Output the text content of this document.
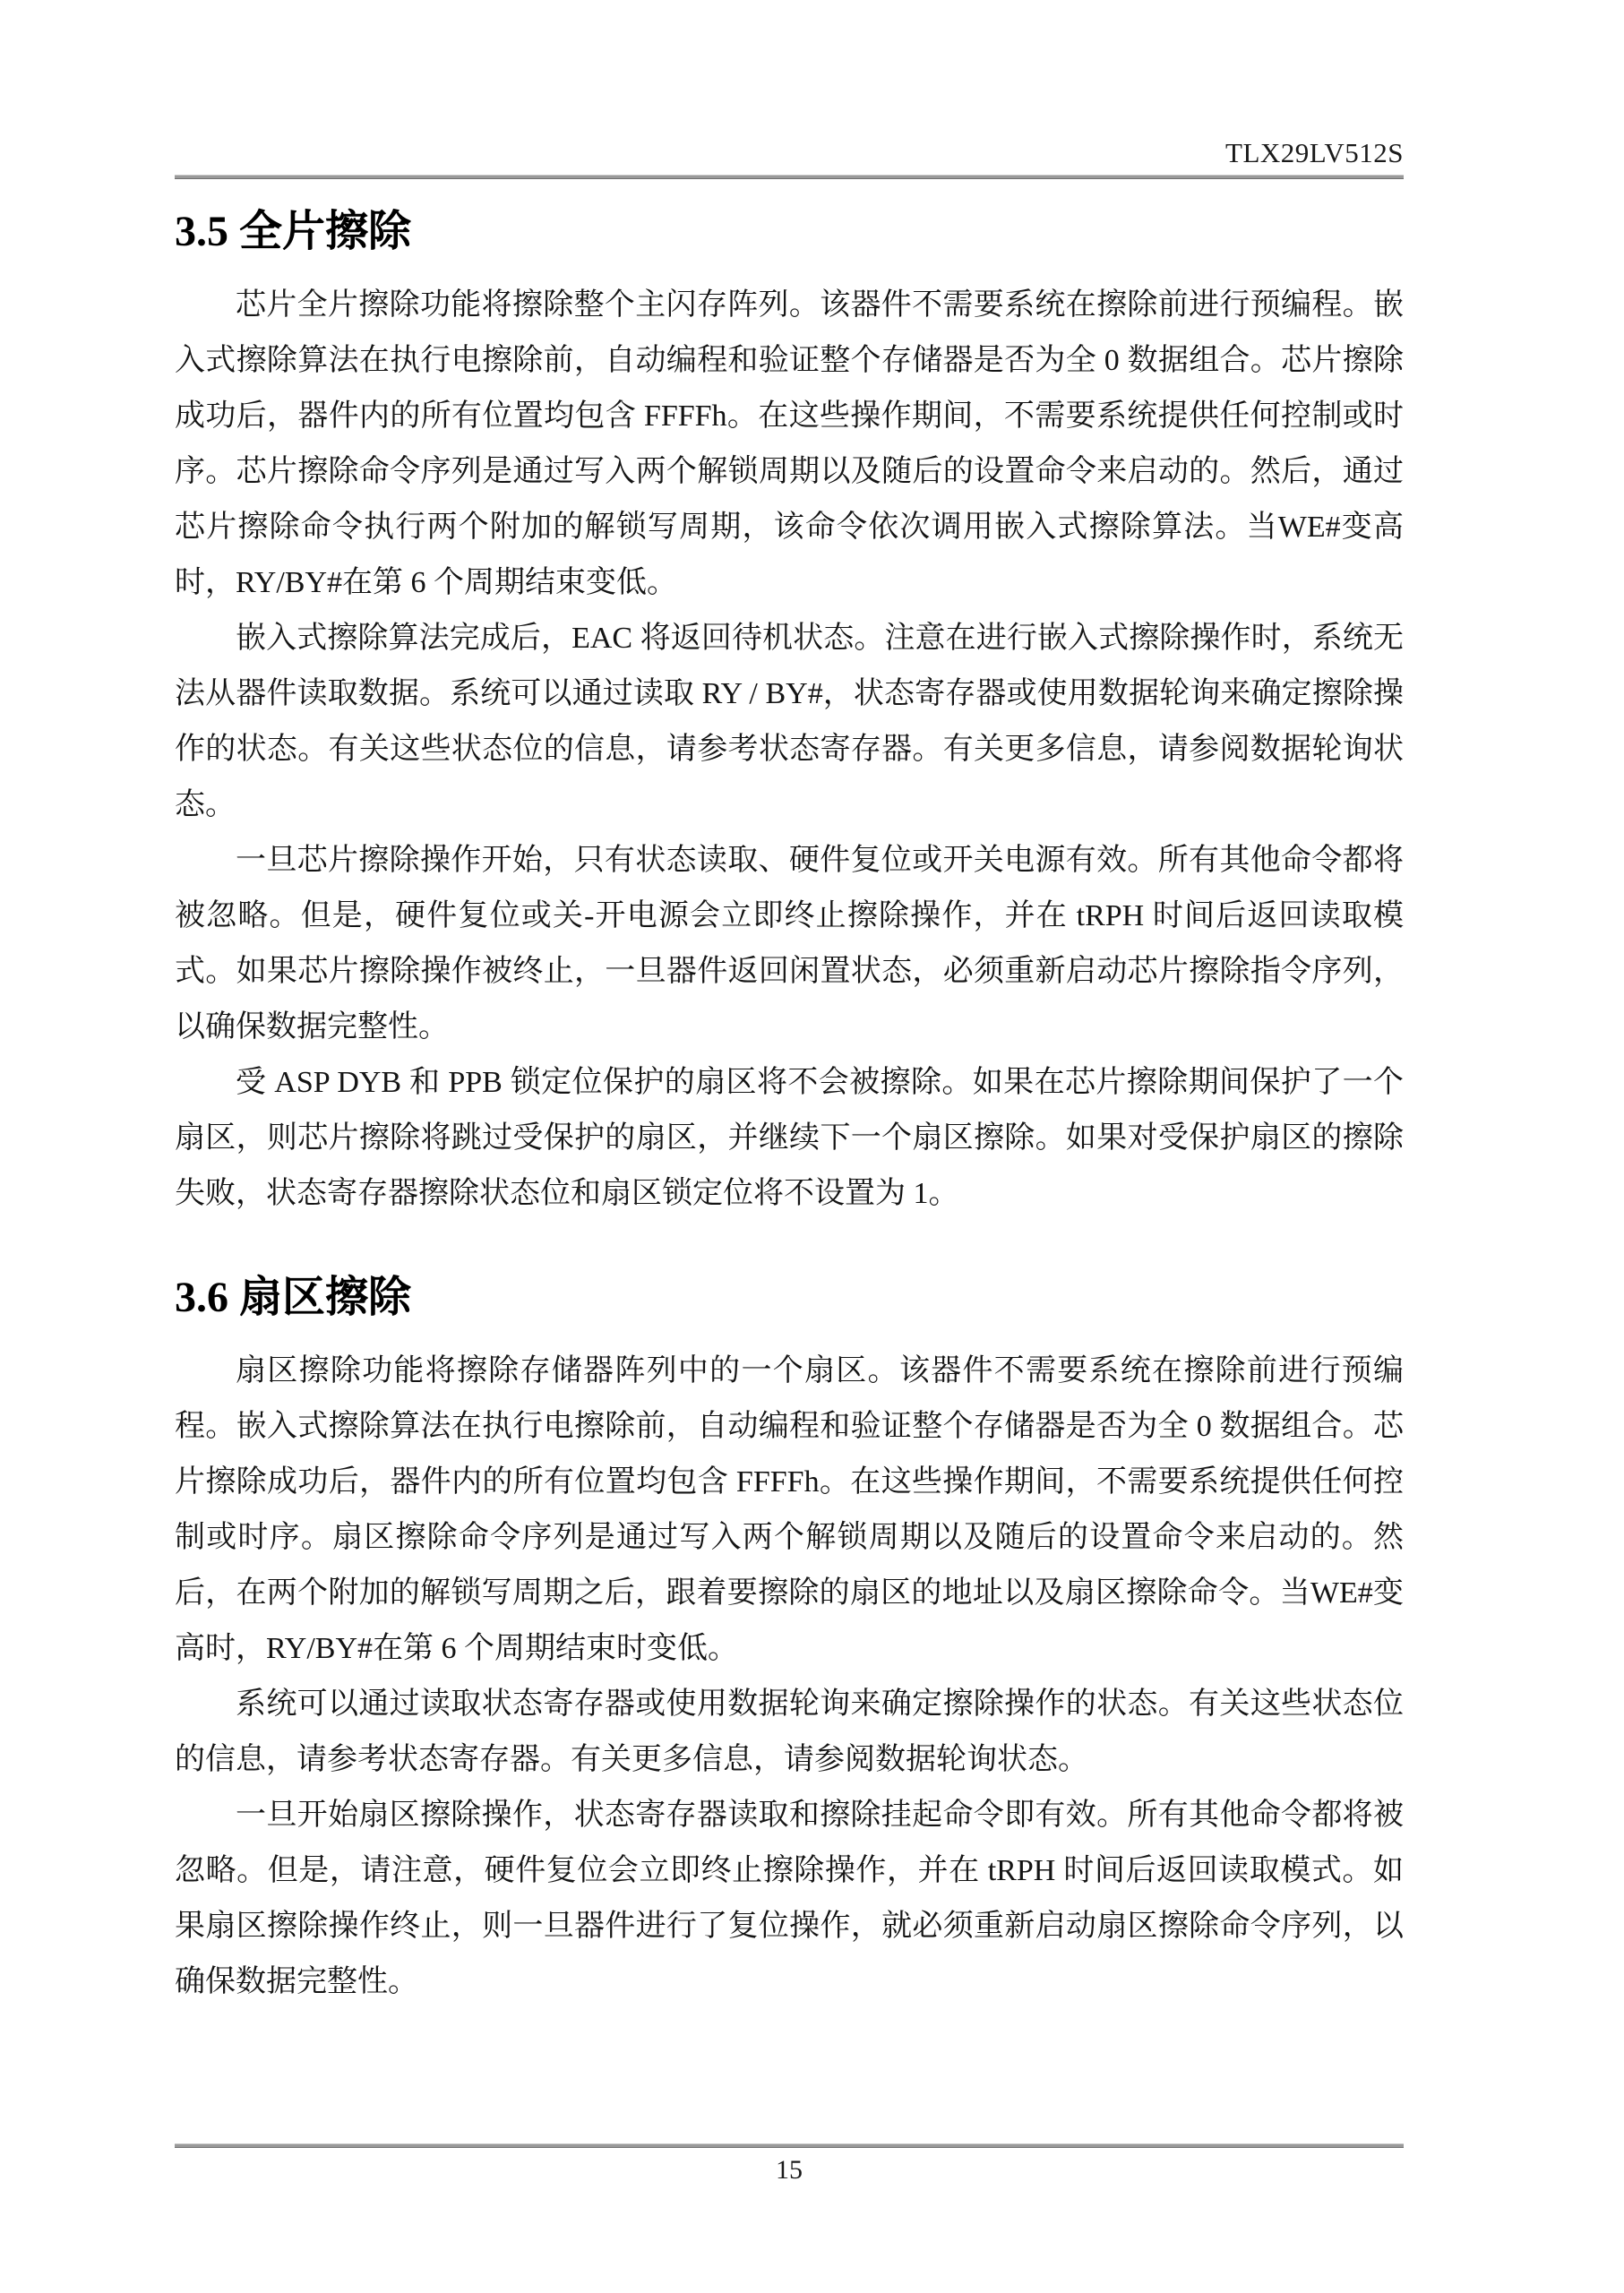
TLX29LV512S
3.5 全片擦除

芯片全片擦除功能将擦除整个主闪存阵列。该器件不需要系统在擦除前进行预编程。嵌入式擦除算法在执行电擦除前，自动编程和验证整个存储器是否为全 0 数据组合。芯片擦除成功后，器件内的所有位置均包含 FFFFh。在这些操作期间，不需要系统提供任何控制或时序。芯片擦除命令序列是通过写入两个解锁周期以及随后的设置命令来启动的。然后，通过芯片擦除命令执行两个附加的解锁写周期，该命令依次调用嵌入式擦除算法。当WE#变高时，RY/BY#在第 6 个周期结束变低。

嵌入式擦除算法完成后，EAC 将返回待机状态。注意在进行嵌入式擦除操作时，系统无法从器件读取数据。系统可以通过读取 RY / BY#，状态寄存器或使用数据轮询来确定擦除操作的状态。有关这些状态位的信息，请参考状态寄存器。有关更多信息，请参阅数据轮询状态。

一旦芯片擦除操作开始，只有状态读取、硬件复位或开关电源有效。所有其他命令都将被忽略。但是，硬件复位或关-开电源会立即终止擦除操作，并在 tRPH 时间后返回读取模式。如果芯片擦除操作被终止，一旦器件返回闲置状态，必须重新启动芯片擦除指令序列，以确保数据完整性。

受 ASP DYB 和 PPB 锁定位保护的扇区将不会被擦除。如果在芯片擦除期间保护了一个扇区，则芯片擦除将跳过受保护的扇区，并继续下一个扇区擦除。如果对受保护扇区的擦除失败，状态寄存器擦除状态位和扇区锁定位将不设置为 1。

3.6 扇区擦除

扇区擦除功能将擦除存储器阵列中的一个扇区。该器件不需要系统在擦除前进行预编程。嵌入式擦除算法在执行电擦除前，自动编程和验证整个存储器是否为全 0 数据组合。芯片擦除成功后，器件内的所有位置均包含 FFFFh。在这些操作期间，不需要系统提供任何控制或时序。扇区擦除命令序列是通过写入两个解锁周期以及随后的设置命令来启动的。然后，在两个附加的解锁写周期之后，跟着要擦除的扇区的地址以及扇区擦除命令。当WE#变高时，RY/BY#在第 6 个周期结束时变低。

系统可以通过读取状态寄存器或使用数据轮询来确定擦除操作的状态。有关这些状态位的信息，请参考状态寄存器。有关更多信息，请参阅数据轮询状态。

一旦开始扇区擦除操作，状态寄存器读取和擦除挂起命令即有效。所有其他命令都将被忽略。但是，请注意，硬件复位会立即终止擦除操作，并在 tRPH 时间后返回读取模式。如果扇区擦除操作终止，则一旦器件进行了复位操作，就必须重新启动扇区擦除命令序列，以确保数据完整性。

15
